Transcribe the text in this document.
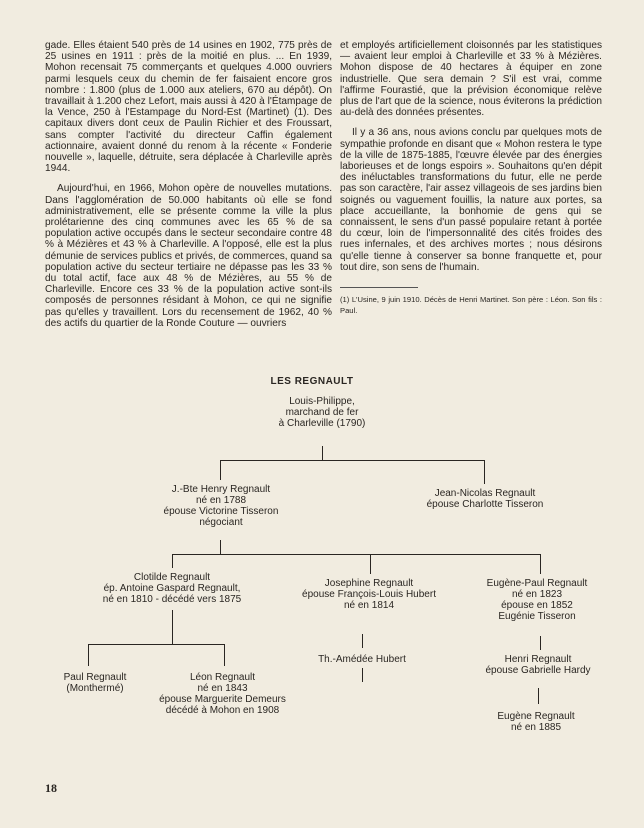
gade. Elles étaient 540 près de 14 usines en 1902, 775 près de 25 usines en 1911 : près de la moitié en plus. ... En 1939, Mohon recensait 75 commerçants et quelques 4.000 ouvriers parmi lesquels ceux du chemin de fer faisaient encore gros nombre : 1.800 (plus de 1.000 aux ateliers, 670 au dépôt). On travaillait à 1.200 chez Lefort, mais aussi à 420 à l'Étampage de la Vence, 250 à l'Estampage du Nord-Est (Martinet) (1). Des capitaux divers dont ceux de Paulin Richier et des Froussart, sans compter l'activité du directeur Caffin également actionnaire, avaient donné du renom à la récente « Fonderie nouvelle », laquelle, détruite, sera déplacée à Charleville après 1944.

Aujourd'hui, en 1966, Mohon opère de nouvelles mutations. Dans l'agglomération de 50.000 habitants où elle se fond administrativement, elle se présente comme la ville la plus prolétarienne des cinq communes avec les 65 % de sa population active occupés dans le secteur secondaire contre 48 % à Mézières et 43 % à Charleville. A l'opposé, elle est la plus démunie de services publics et privés, de commerces, quand sa population active du secteur tertiaire ne dépasse pas les 33 % du total actif, face aux 48 % de Mézières, au 55 % de Charleville. Encore ces 33 % de la population active sont-ils composés de personnes résidant à Mohon, ce qui ne signifie pas qu'elles y travaillent. Lors du recensement de 1962, 40 % des actifs du quartier de la Ronde Couture — ouvriers

et employés artificiellement cloisonnés par les statistiques — avaient leur emploi à Charleville et 33 % à Mézières. Mohon dispose de 40 hectares à équiper en zone industrielle. Que sera demain ? S'il est vrai, comme l'affirme Fourastié, que la prévision économique relève plus de l'art que de la science, nous éviterons la prédiction au-delà des données présentes.

Il y a 36 ans, nous avions conclu par quelques mots de sympathie profonde en disant que « Mohon restera le type de la ville de 1875-1885, l'œuvre élevée par des énergies laborieuses et de longs espoirs ». Souhaitons qu'en dépit des inéluctables transformations du futur, elle ne perde pas son caractère, l'air assez villageois de ses jardins bien soignés ou vaguement fouillis, la nature aux portes, sa place accueillante, la bonhomie de gens qui se connaissent, le sens d'un passé populaire retant à portée du cœur, loin de l'impersonnalité des cités froides des rues infernales, et des archives mortes ; nous désirons qu'elle tienne à conserver sa bonne franquette et, pour tout dire, son sens de l'humain.

(1) L'Usine, 9 juin 1910. Décès de Henri Martinet. Son père : Léon. Son fils : Paul.

LES REGNAULT
Louis-Philippe,
marchand de fer
à Charleville (1790)
J.-Bte Henry Regnault
né en 1788
épouse Victorine Tisseron
négociant
Jean-Nicolas Regnault
épouse Charlotte Tisseron
Clotilde Regnault
ép. Antoine Gaspard Regnault,
né en 1810 - décédé vers 1875
Josephine Regnault
épouse François-Louis Hubert
né en 1814
Eugène-Paul Regnault
né en 1823
épouse en 1852
Eugénie Tisseron
Paul Regnault
(Monthermé)
Léon Regnault
né en 1843
épouse Marguerite Demeurs
décédé à Mohon en 1908
Th.-Amédée Hubert	Henri Regnault
épouse Gabrielle Hardy
Eugène Regnault
né en 1885
18
